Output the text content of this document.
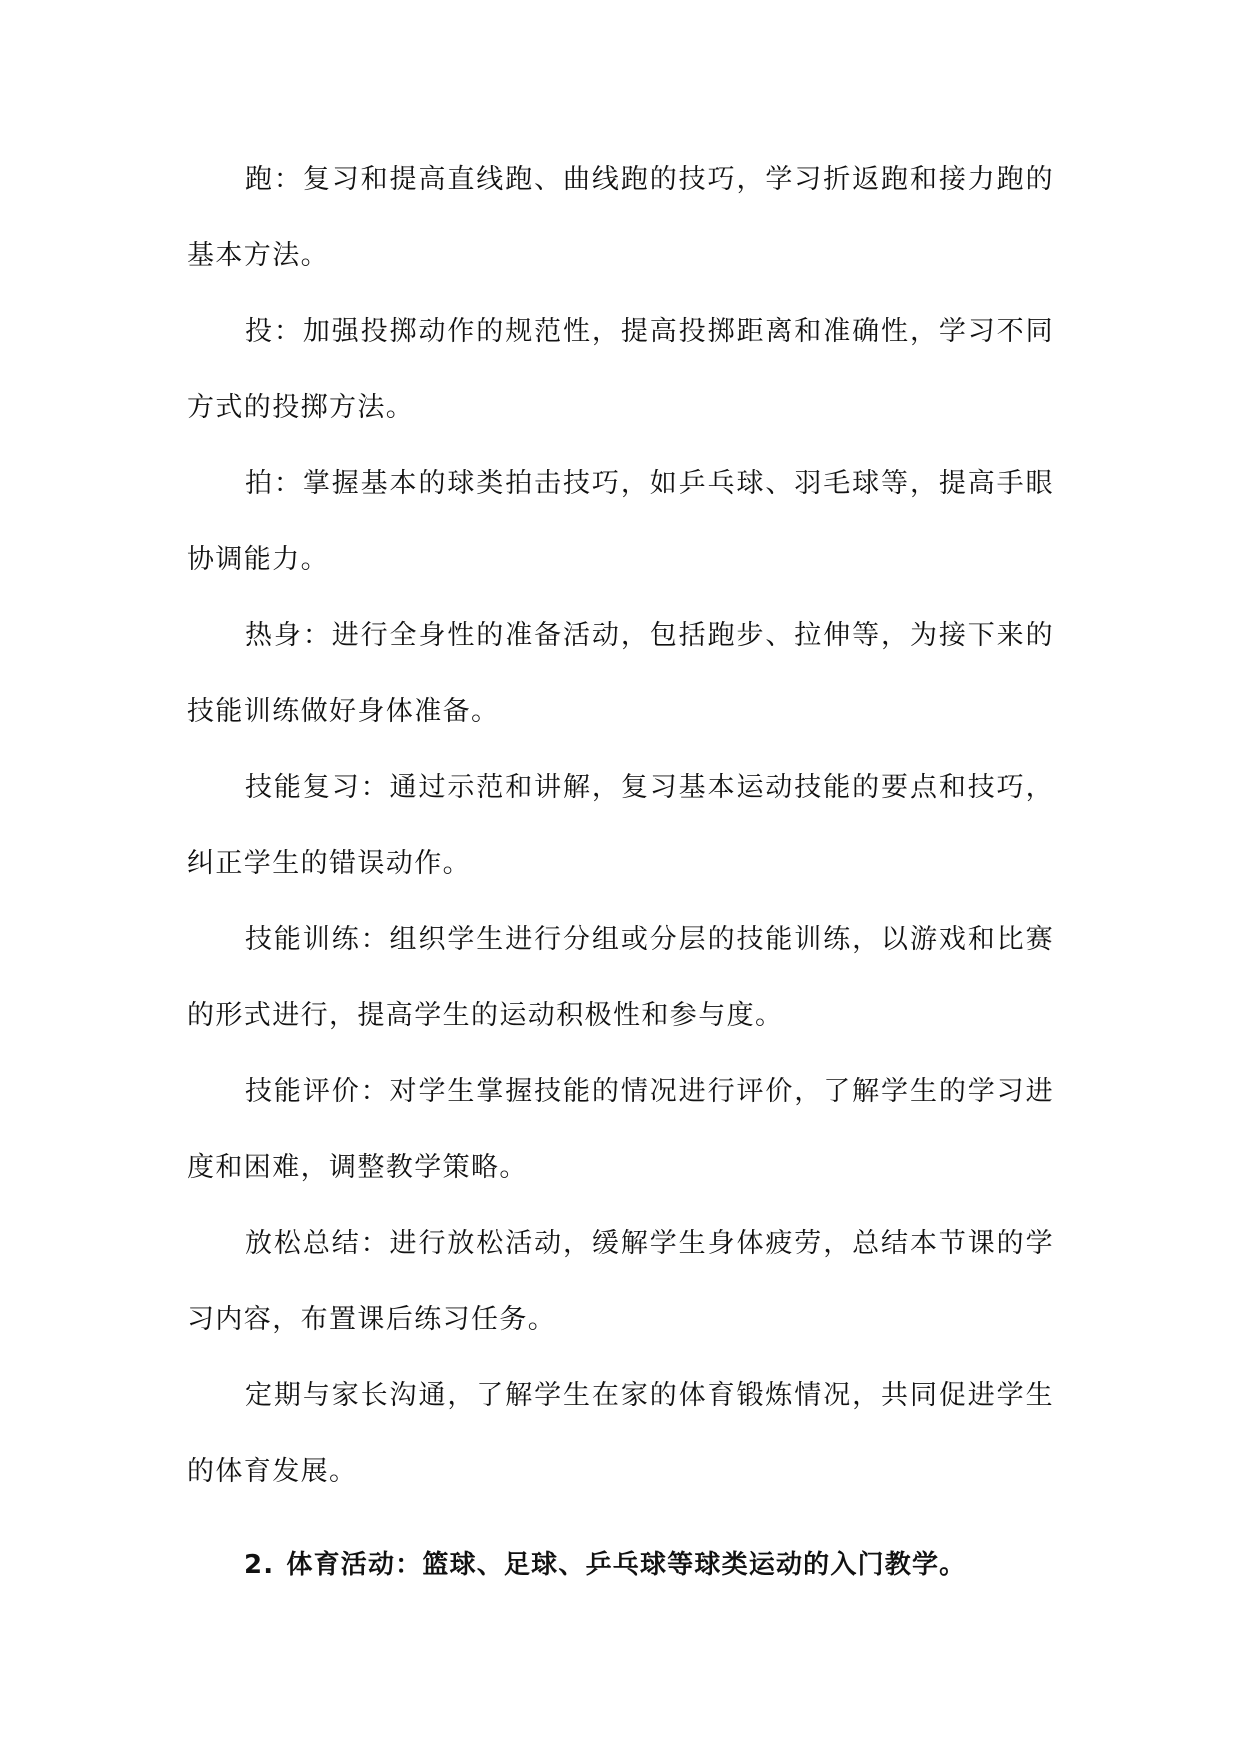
跑：复习和提高直线跑、曲线跑的技巧，学习折返跑和接力跑的基本方法。

投：加强投掷动作的规范性，提高投掷距离和准确性，学习不同方式的投掷方法。

拍：掌握基本的球类拍击技巧，如乒乓球、羽毛球等，提高手眼协调能力。

热身：进行全身性的准备活动，包括跑步、拉伸等，为接下来的技能训练做好身体准备。

技能复习：通过示范和讲解，复习基本运动技能的要点和技巧，纠正学生的错误动作。

技能训练：组织学生进行分组或分层的技能训练，以游戏和比赛的形式进行，提高学生的运动积极性和参与度。

技能评价：对学生掌握技能的情况进行评价，了解学生的学习进度和困难，调整教学策略。

放松总结：进行放松活动，缓解学生身体疲劳，总结本节课的学习内容，布置课后练习任务。

定期与家长沟通，了解学生在家的体育锻炼情况，共同促进学生的体育发展。

2. 体育活动：篮球、足球、乒乓球等球类运动的入门教学。
